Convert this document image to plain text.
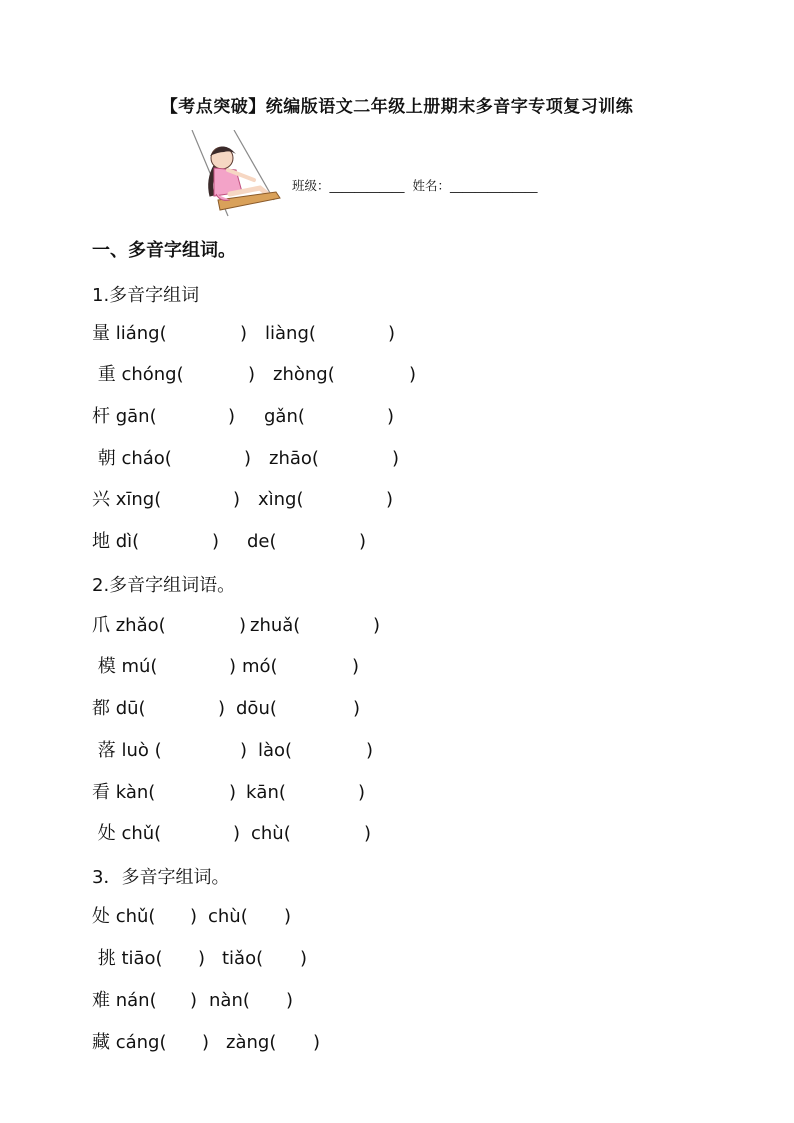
【考点突破】统编版语文二年级上册期末多音字专项复习训练
班级：____________  姓名：______________
一、多音字组词。
1.多音字组词
量 liáng(	) liàng(	)
重 chóng(	) zhòng(	)
杆 gān(	) gǎn(	)
朝 cháo(	) zhāo(	)
兴 xīng(	) xìng(	)
地 dì(	) de(	)
2.多音字组词语。
爪 zhǎo(	) zhuǎ(	)
模 mú(	) mó(	)
都 dū(	) dōu(	)
落 luò (	) lào(	)
看 kàn(	) kān(	)
处 chǔ(	) chù(	)
3．多音字组词。
处 chǔ( ) chù( )
挑 tiāo( ) tiǎo( )
难 nán( ) nàn( )
藏 cáng( ) zàng( )
